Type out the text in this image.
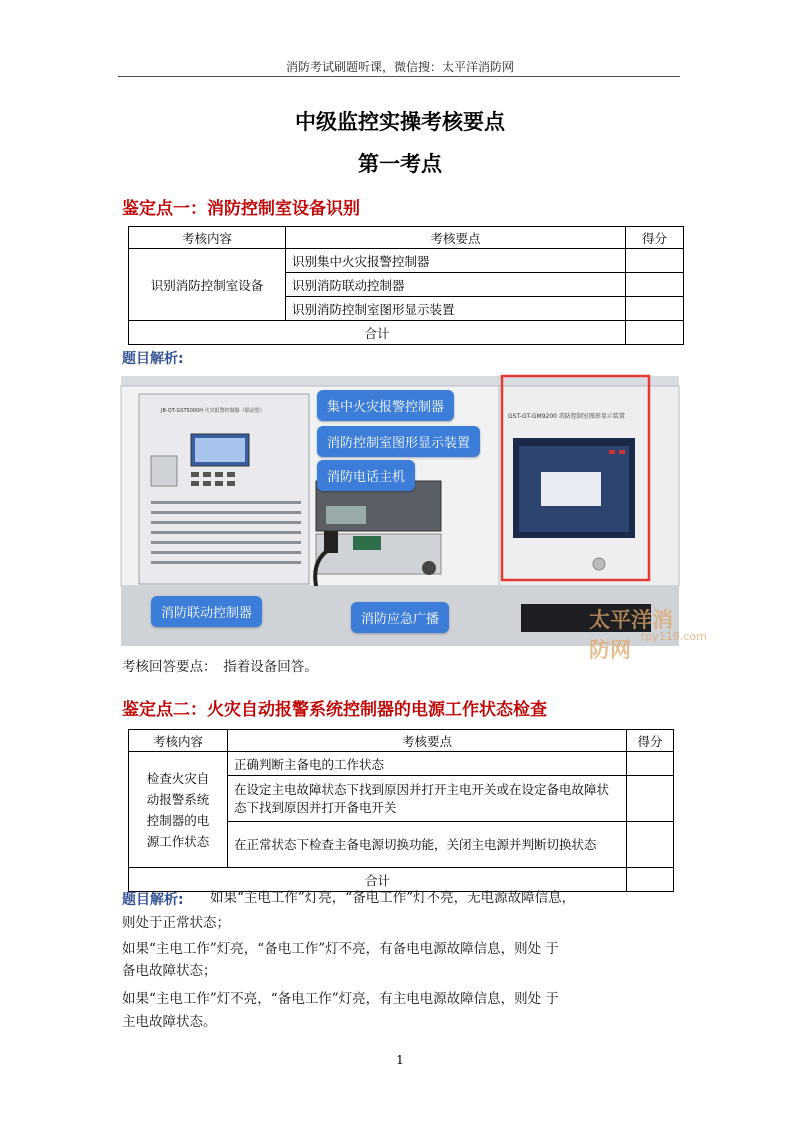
消防考试刷题听课，微信搜：太平洋消防网
中级监控实操考核要点
第一考点
鉴定点一：消防控制室设备识别
考核内容	考核要点	得分
识别消防控制室设备	识别集中火灾报警控制器	
	识别消防联动控制器	
	识别消防控制室图形显示装置	
合计		
题目解析:
GST-GT-GM9200 消防控制室图形显示装置
JB-QT-GST5000H 火灾报警控制器（联动型）	集中火灾报警控制器
消防控制室图形显示装置
消防电话主机
消防联动控制器	消防应急广播	太平洋消防网
tpy119.com
考核回答要点：　指着设备回答。
鉴定点二：火灾自动报警系统控制器的电源工作状态检查
考核内容	考核要点	得分

检查火灾自
动报警系统
控制器的电
源工作状态	正确判断主备电的工作状态	
	在设定主电故障状态下找到原因并打开主电开关或在设定备电故障状态下找到原因并打开备电开关	
	在正常状态下检查主备电源切换功能，关闭主电源并判断切换状态	
合计		
题目解析: 如果“主电工作”灯亮，“备电工作”灯不亮，无电源故障信息，
则处于正常状态；
如果“主电工作”灯亮，“备电工作”灯不亮，有备电电源故障信息，则处 于
备电故障状态；
如果“主电工作”灯不亮，“备电工作”灯亮，有主电电源故障信息，则处 于
主电故障状态。
1
